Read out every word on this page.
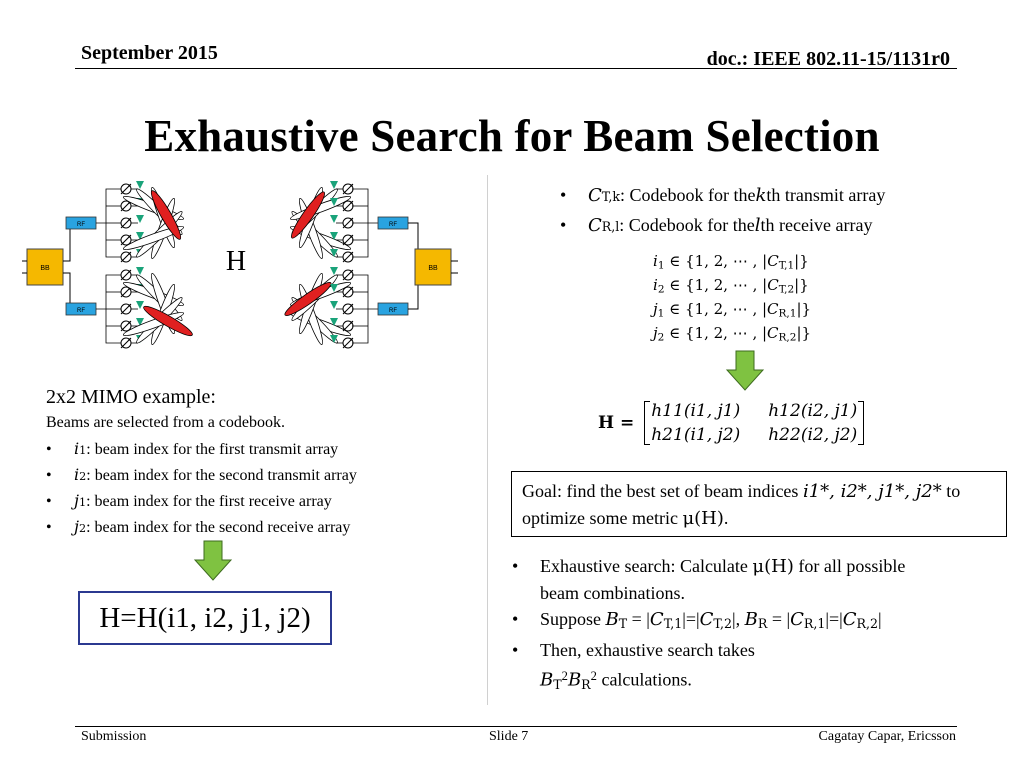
September 2015	doc.: IEEE 802.11-15/1131r0
Exhaustive Search for Beam Selection
BB
RF
RF
H
RF
RF
BB
2x2 MIMO example:
Beams are selected from a codebook.
•	i 1 : beam index for the first transmit array
•	i 2 : beam index for the second transmit array
•	j 1 : beam index for the first receive array
•	j 2 : beam index for the second receive array
H=H(i1, i2, j1, j2)
•	C T,k : Codebook for the k th transmit array
•	C R,l : Codebook for the l th receive array
$i_1$ ∈ {1, 2, ⋯ , $|C_{T,1}|$}
$i_2$ ∈ {1, 2, ⋯ , $|C_{T,2}|$}
$j_1$ ∈ {1, 2, ⋯ , $|C_{R,1}|$}
$j_2$ ∈ {1, 2, ⋯ , $|C_{R,2}|$}
H =
h11(i1, j1) h12(i2, j1)
h21(i1, j2) h22(i2, j2)
Goal: find the best set of beam indices i1*, i2*, j1*, j2* to optimize some metric μ(H).
•	Exhaustive search: Calculate μ(H) for all possible beam combinations.
•	Suppose $B_T = |C_{T,1}|=|C_{T,2}|$, $B_R = |C_{R,1}|=|C_{R,2}|$
•	Then, exhaustive search takes
$B_T^2B_R^2$ calculations.
Submission	Slide 7	Cagatay Capar, Ericsson
